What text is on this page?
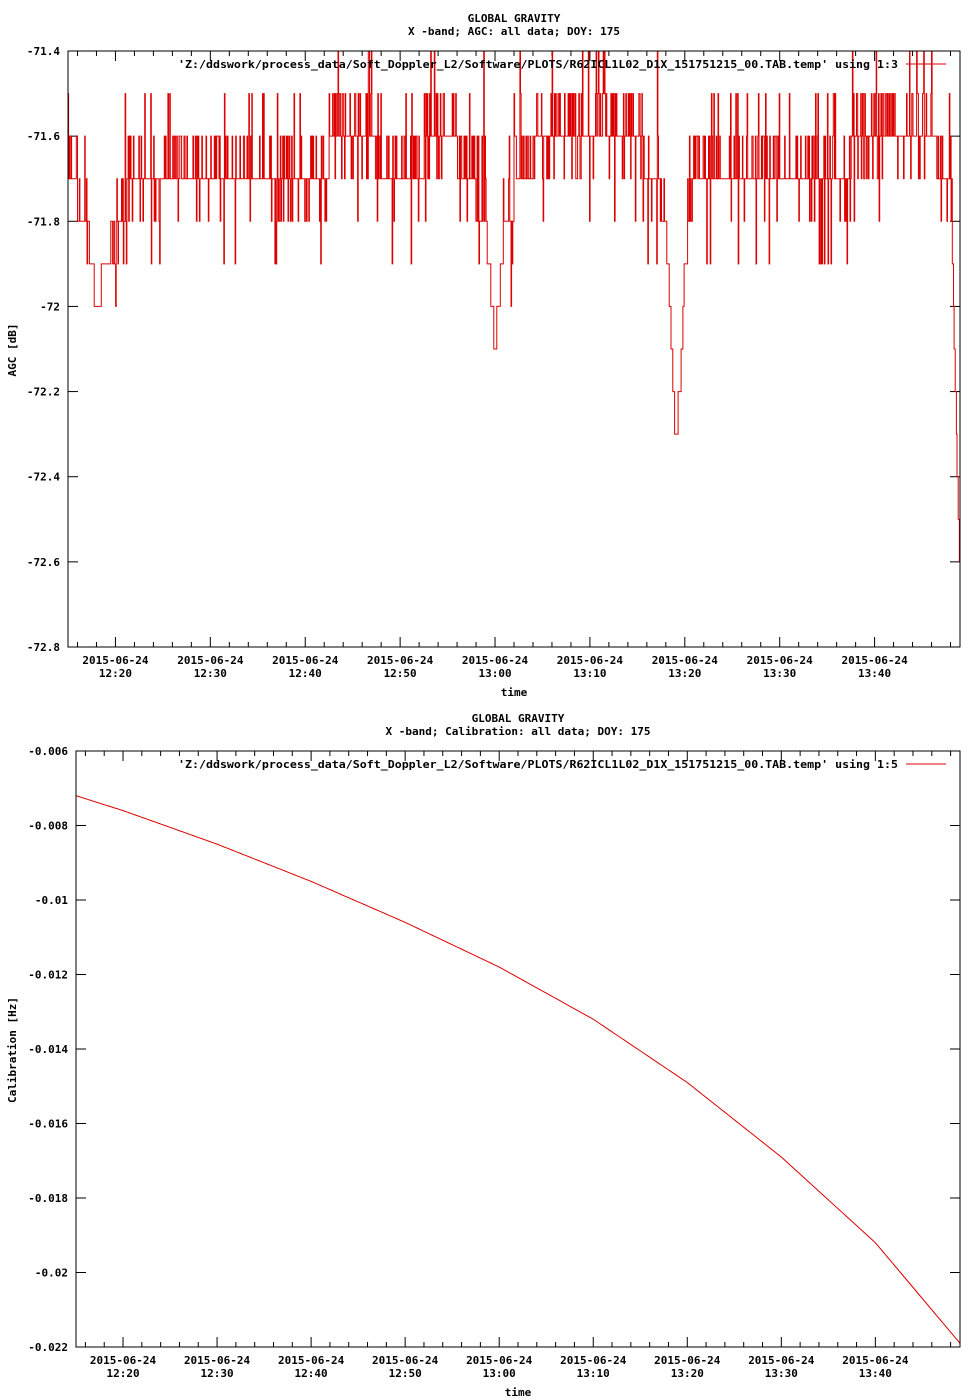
GLOBAL GRAVITY
X -band; AGC: all data; DOY: 175
-71.4
-71.6
-71.8
-72
-72.2
-72.4
-72.6
-72.8
2015-06-24
12:20
2015-06-24
12:30
2015-06-24
12:40
2015-06-24
12:50
2015-06-24
13:00
2015-06-24
13:10
2015-06-24
13:20
2015-06-24
13:30
2015-06-24
13:40
time
AGC [dB]
'Z:/ddswork/process_data/Soft_Doppler_L2/Software/PLOTS/R62ICL1L02_D1X_151751215_00.TAB.temp' using 1:3
GLOBAL GRAVITY
X -band; Calibration: all data; DOY: 175
-0.006
-0.008
-0.01
-0.012
-0.014
-0.016
-0.018
-0.02
-0.022
2015-06-24
12:20
2015-06-24
12:30
2015-06-24
12:40
2015-06-24
12:50
2015-06-24
13:00
2015-06-24
13:10
2015-06-24
13:20
2015-06-24
13:30
2015-06-24
13:40
time
Calibration [Hz]
'Z:/ddswork/process_data/Soft_Doppler_L2/Software/PLOTS/R62ICL1L02_D1X_151751215_00.TAB.temp' using 1:5
